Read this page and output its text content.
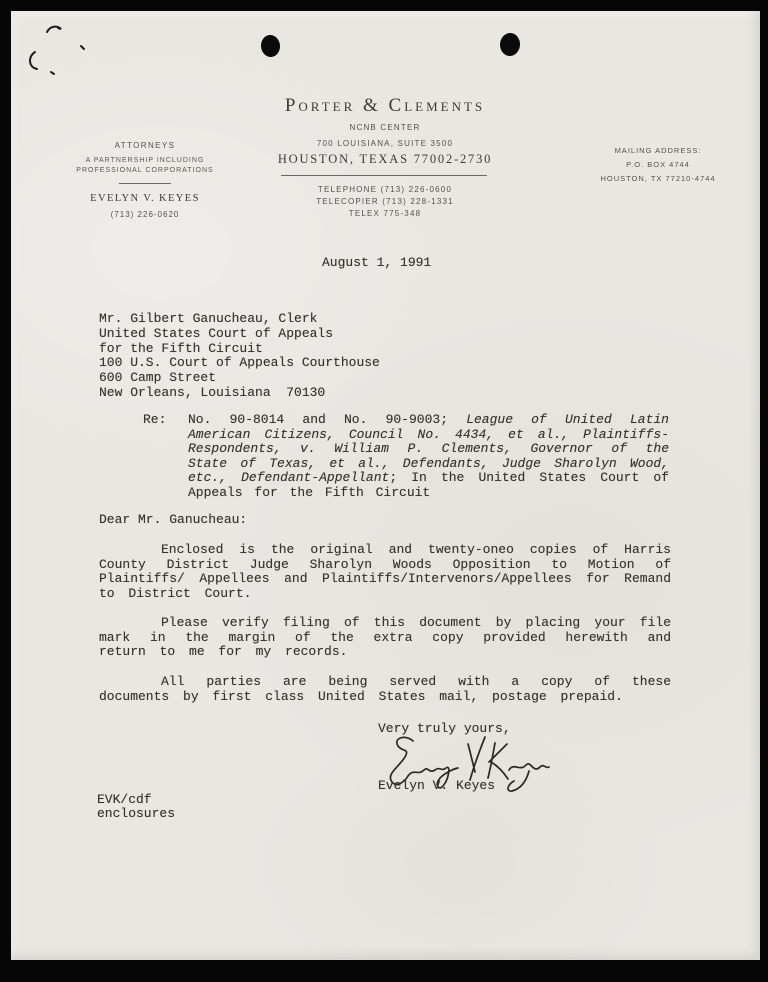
Porter & Clements
NCNB CENTER
700 LOUISIANA, SUITE 3500
HOUSTON, TEXAS 77002-2730
TELEPHONE (713) 226-0600
TELECOPIER (713) 228-1331
TELEX 775-348
ATTORNEYS
A PARTNERSHIP INCLUDING
PROFESSIONAL CORPORATIONS
EVELYN V. KEYES
(713) 226-0620
MAILING ADDRESS:
P.O. BOX 4744
HOUSTON, TX 77210-4744
August 1, 1991
Mr. Gilbert Ganucheau, Clerk
United States Court of Appeals
for the Fifth Circuit
100 U.S. Court of Appeals Courthouse
600 Camp Street
New Orleans, Louisiana  70130
Re: No. 90-8014 and No. 90-9003; League of United Latin American Citizens, Council No. 4434, et al., Plaintiffs-Respondents, v. William P. Clements, Governor of the State of Texas, et al., Defendants, Judge Sharolyn Wood, etc., Defendant-Appellant; In the United States Court of Appeals for the Fifth Circuit
Dear Mr. Ganucheau:
Enclosed is the original and twenty-oneo copies of Harris County District Judge Sharolyn Woods Opposition to Motion of Plaintiffs/ Appellees and Plaintiffs/Intervenors/Appellees for Remand to District Court.
Please verify filing of this document by placing your file mark in the margin of the extra copy provided herewith and return to me for my records.
All parties are being served with a copy of these documents by first class United States mail, postage prepaid.
Very truly yours,
Evelyn V. Keyes
EVK/cdf
enclosures
